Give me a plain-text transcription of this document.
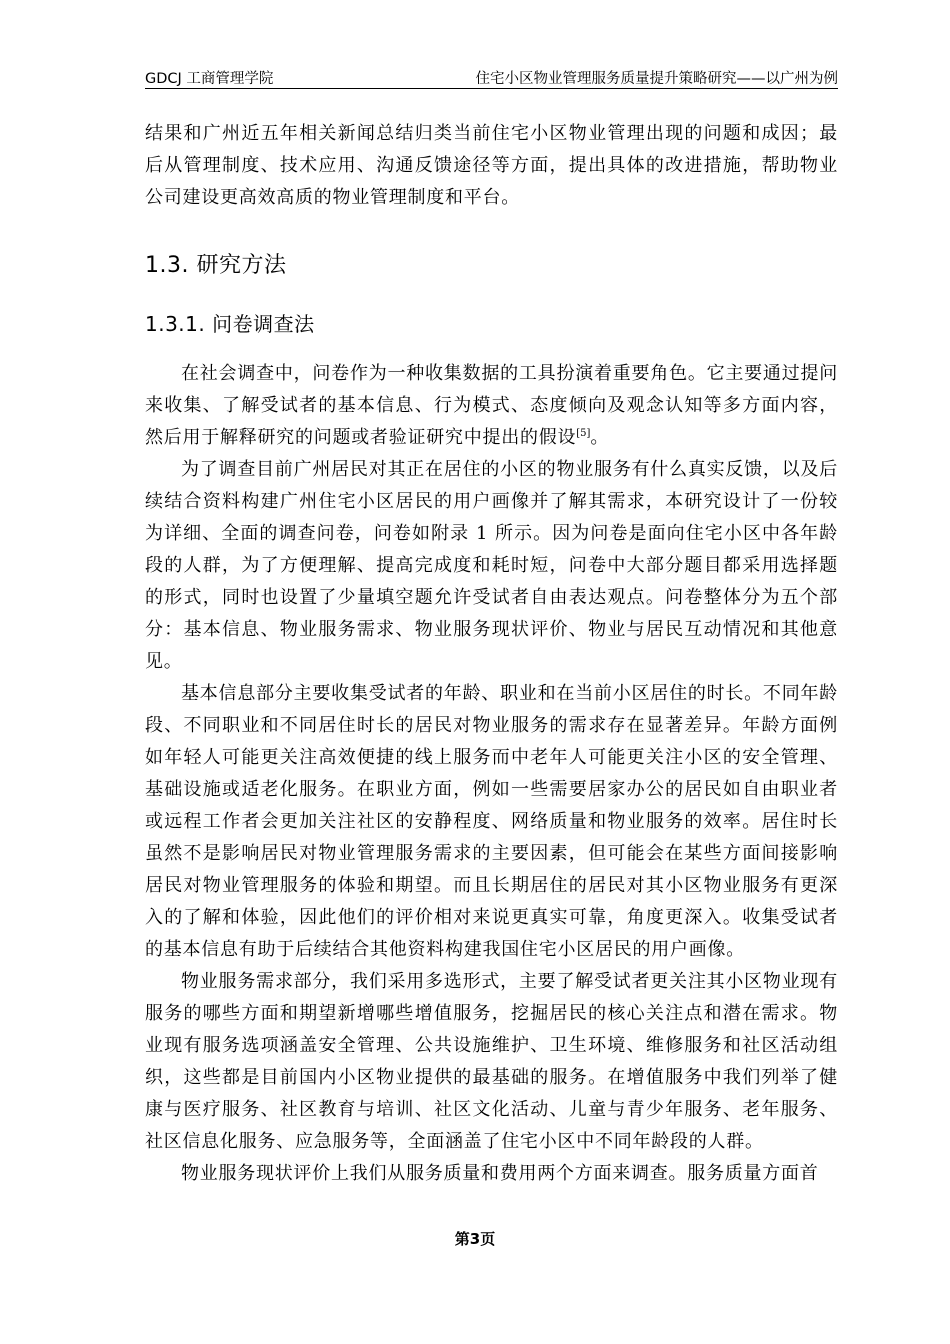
GDCJ 工商管理学院	住宅小区物业管理服务质量提升策略研究——以广州为例

结果和广州近五年相关新闻总结归类当前住宅小区物业管理出现的问题和成因；最后从管理制度、技术应用、沟通反馈途径等方面，提出具体的改进措施，帮助物业公司建设更高效高质的物业管理制度和平台。

1.3. 研究方法
1.3.1. 问卷调查法

在社会调查中，问卷作为一种收集数据的工具扮演着重要角色。它主要通过提问来收集、了解受试者的基本信息、行为模式、态度倾向及观念认知等多方面内容，然后用于解释研究的问题或者验证研究中提出的假设[5]。

为了调查目前广州居民对其正在居住的小区的物业服务有什么真实反馈，以及后续结合资料构建广州住宅小区居民的用户画像并了解其需求，本研究设计了一份较为详细、全面的调查问卷，问卷如附录 1 所示。因为问卷是面向住宅小区中各年龄段的人群，为了方便理解、提高完成度和耗时短，问卷中大部分题目都采用选择题的形式，同时也设置了少量填空题允许受试者自由表达观点。问卷整体分为五个部分：基本信息、物业服务需求、物业服务现状评价、物业与居民互动情况和其他意见。

基本信息部分主要收集受试者的年龄、职业和在当前小区居住的时长。不同年龄段、不同职业和不同居住时长的居民对物业服务的需求存在显著差异。年龄方面例如年轻人可能更关注高效便捷的线上服务而中老年人可能更关注小区的安全管理、基础设施或适老化服务。在职业方面，例如一些需要居家办公的居民如自由职业者或远程工作者会更加关注社区的安静程度、网络质量和物业服务的效率。居住时长虽然不是影响居民对物业管理服务需求的主要因素，但可能会在某些方面间接影响居民对物业管理服务的体验和期望。而且长期居住的居民对其小区物业服务有更深入的了解和体验，因此他们的评价相对来说更真实可靠，角度更深入。收集受试者的基本信息有助于后续结合其他资料构建我国住宅小区居民的用户画像。

物业服务需求部分，我们采用多选形式，主要了解受试者更关注其小区物业现有服务的哪些方面和期望新增哪些增值服务，挖掘居民的核心关注点和潜在需求。物业现有服务选项涵盖安全管理、公共设施维护、卫生环境、维修服务和社区活动组织，这些都是目前国内小区物业提供的最基础的服务。在增值服务中我们列举了健康与医疗服务、社区教育与培训、社区文化活动、儿童与青少年服务、老年服务、社区信息化服务、应急服务等，全面涵盖了住宅小区中不同年龄段的人群。

物业服务现状评价上我们从服务质量和费用两个方面来调查。服务质量方面首

第3页
